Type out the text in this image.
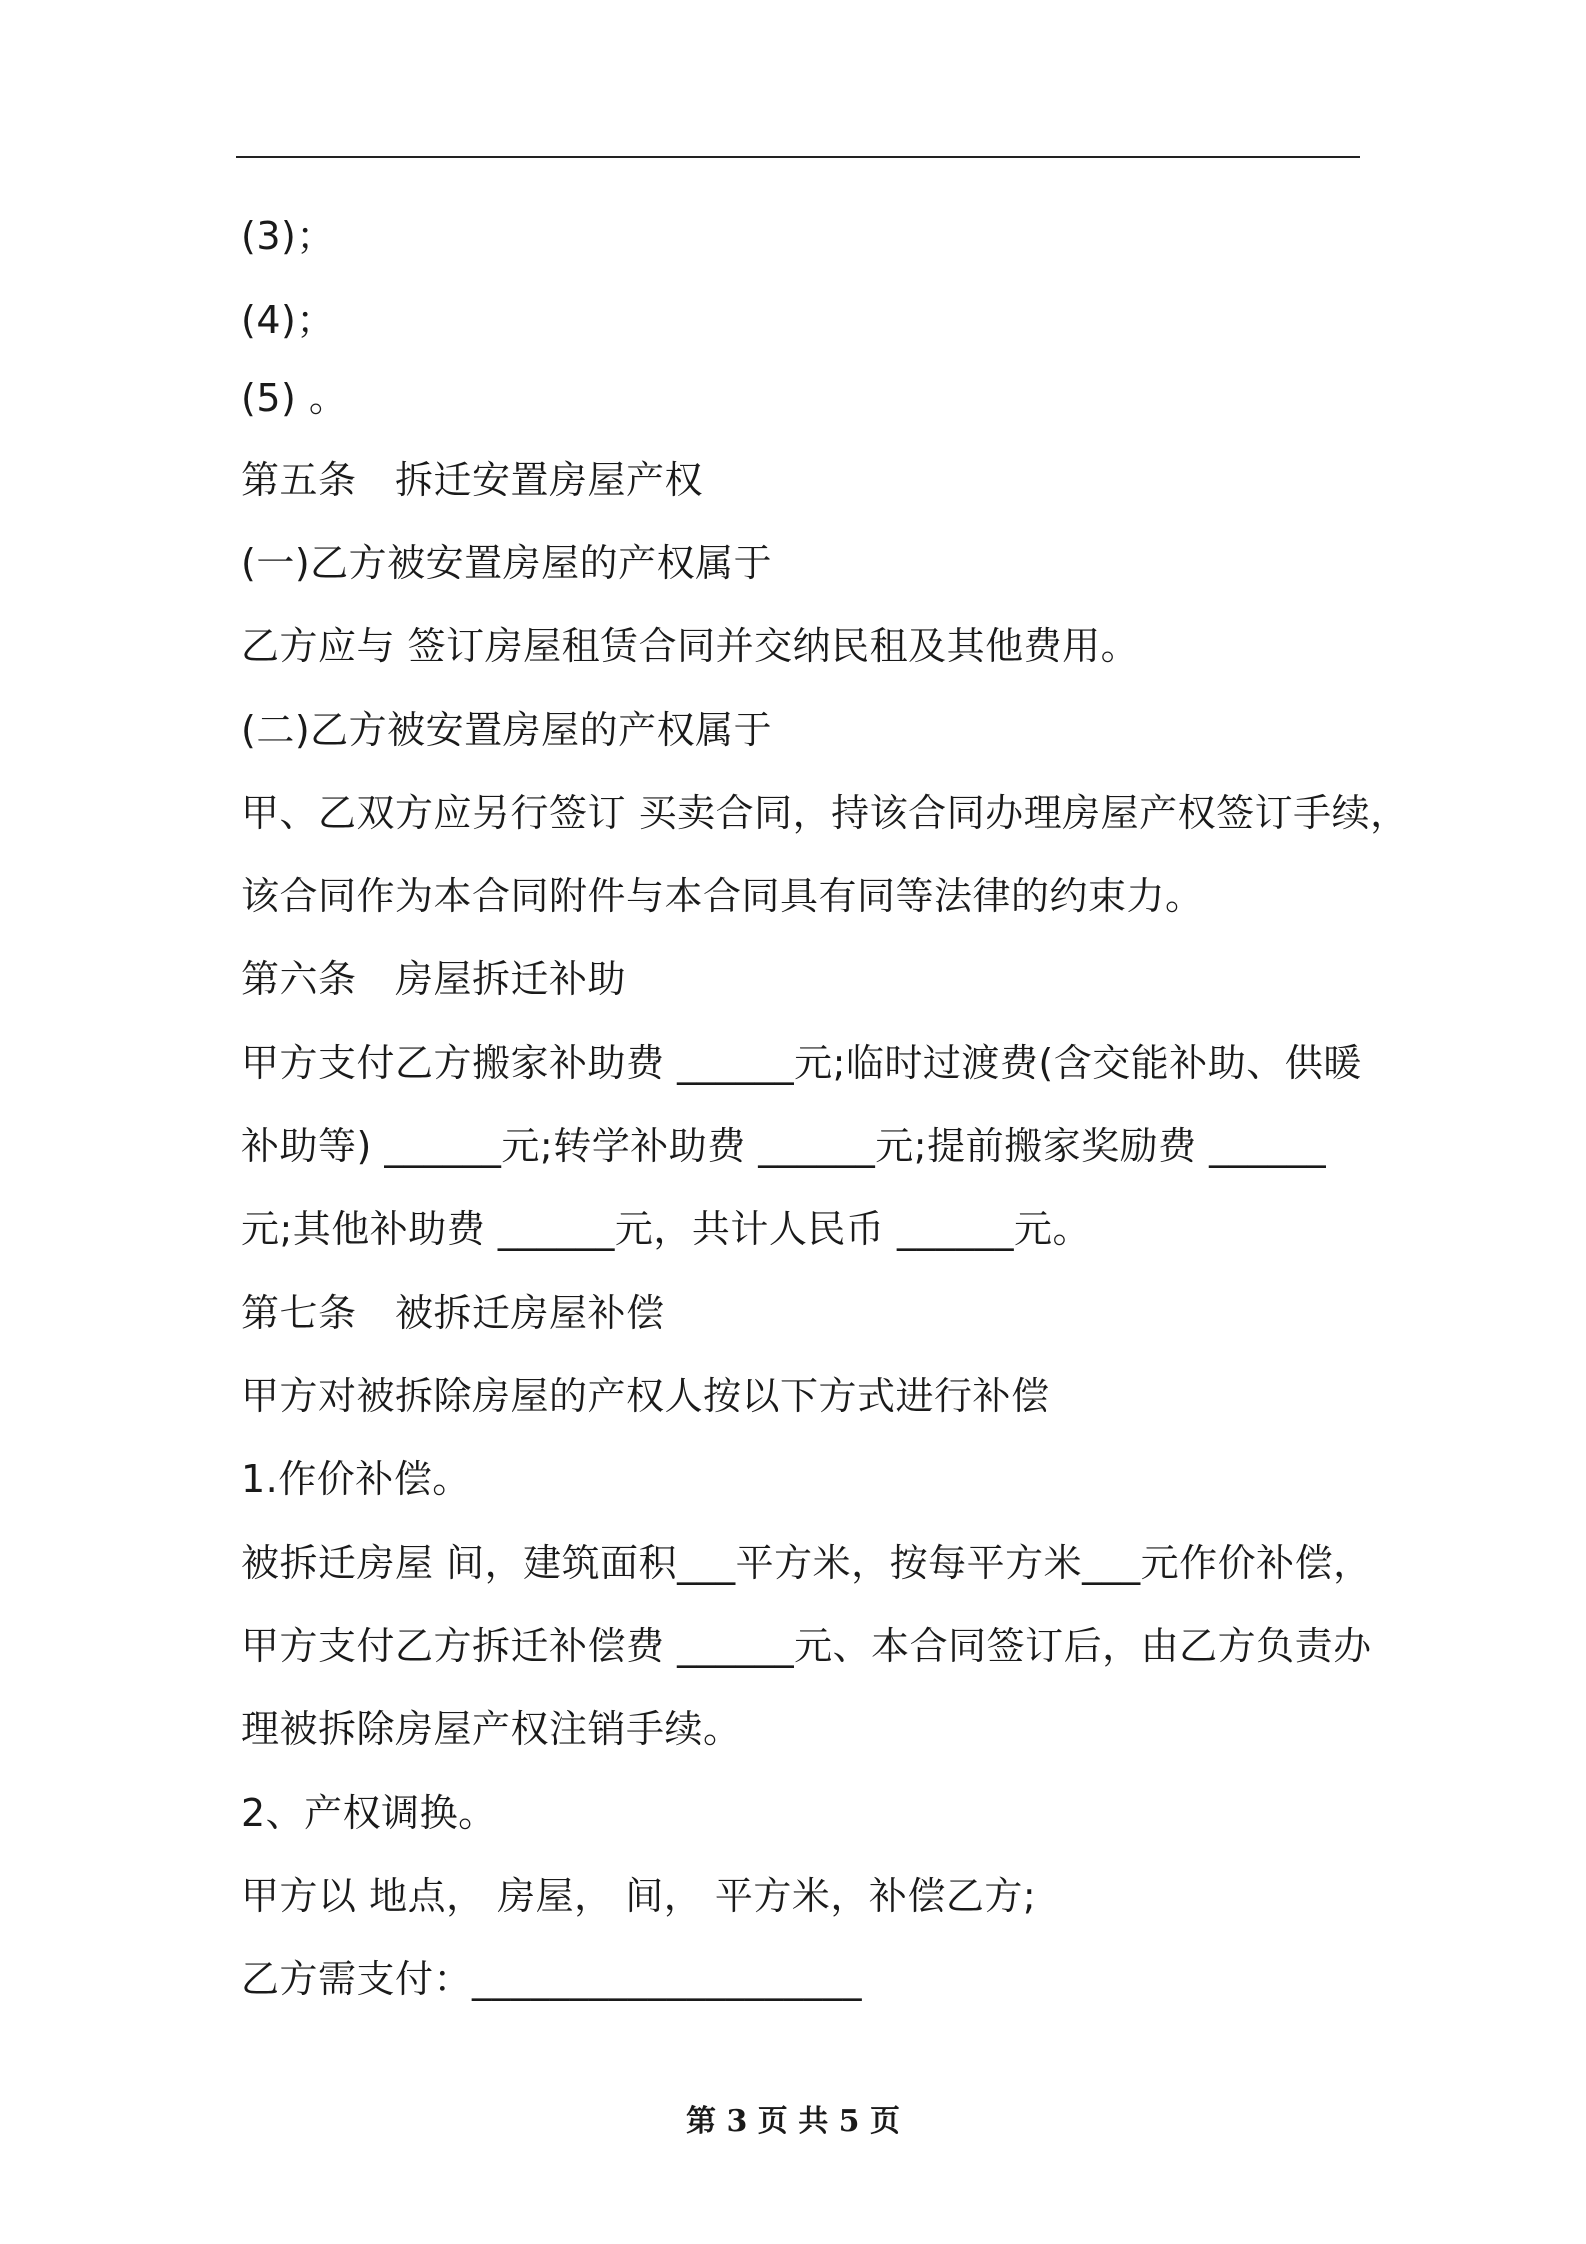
(3)；
(4)；
(5) 。
第五条　拆迁安置房屋产权
(一)乙方被安置房屋的产权属于
乙方应与 签订房屋租赁合同并交纳民租及其他费用。
(二)乙方被安置房屋的产权属于
甲、乙双方应另行签订 买卖合同，持该合同办理房屋产权签订手续，
该合同作为本合同附件与本合同具有同等法律的约束力。
第六条　房屋拆迁补助
甲方支付乙方搬家补助费 ______元;临时过渡费(含交能补助、供暖
补助等) ______元;转学补助费 ______元;提前搬家奖励费 ______
元;其他补助费 ______元，共计人民币 ______元。
第七条　被拆迁房屋补偿
甲方对被拆除房屋的产权人按以下方式进行补偿
1.作价补偿。
被拆迁房屋 间，建筑面积___平方米，按每平方米___元作价补偿，
甲方支付乙方拆迁补偿费 ______元、本合同签订后，由乙方负责办
理被拆除房屋产权注销手续。
2、产权调换。
甲方以 地点， 房屋， 间， 平方米，补偿乙方;
乙方需支付：____________________
第 3 页 共 5 页
